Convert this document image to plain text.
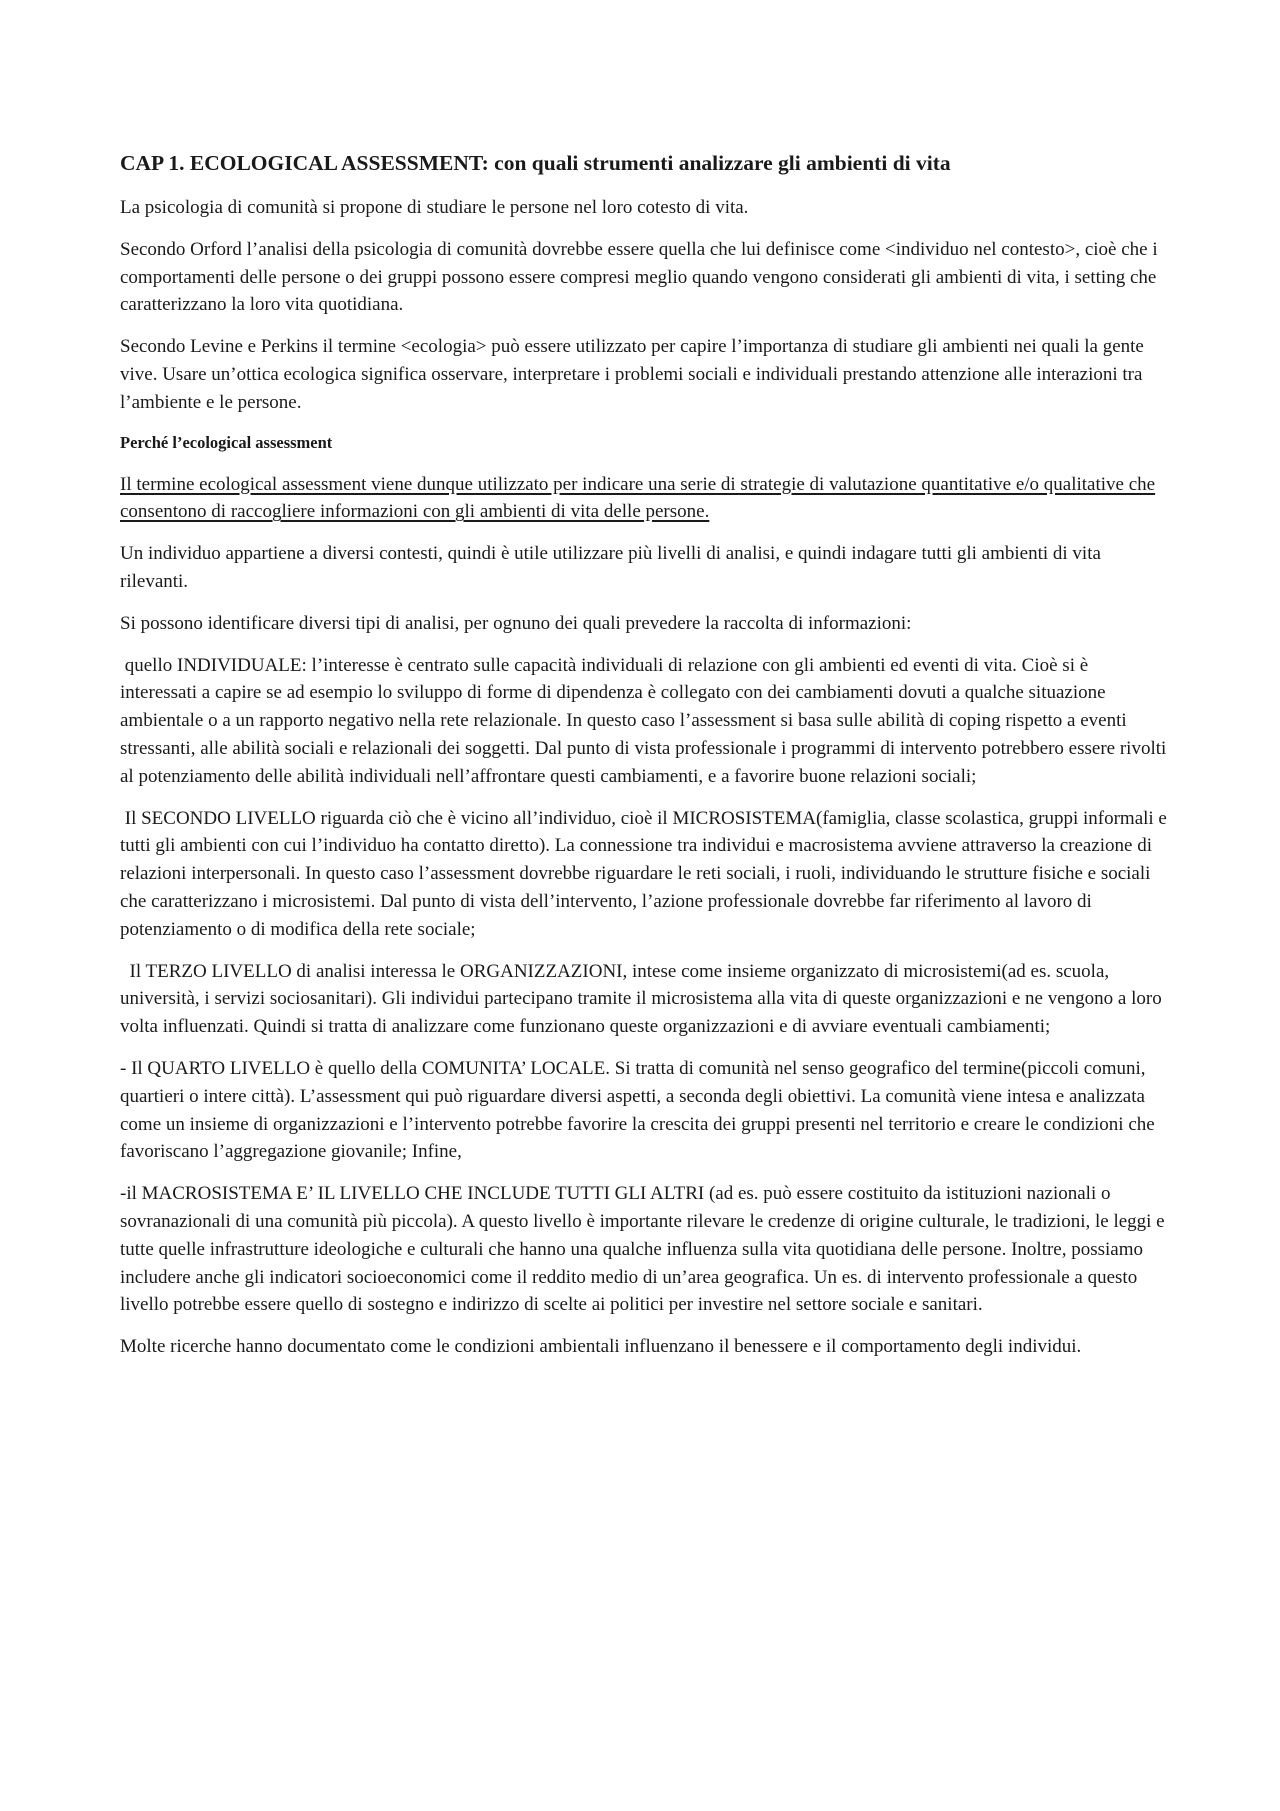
CAP 1. ECOLOGICAL ASSESSMENT: con quali strumenti analizzare gli ambienti di vita

La psicologia di comunità si propone di studiare le persone nel loro cotesto di vita.

Secondo Orford l’analisi della psicologia di comunità dovrebbe essere quella che lui definisce come <individuo nel contesto>, cioè che i comportamenti delle persone o dei gruppi possono essere compresi meglio quando vengono considerati gli ambienti di vita, i setting che caratterizzano la loro vita quotidiana.

Secondo Levine e Perkins il termine <ecologia> può essere utilizzato per capire l’importanza di studiare gli ambienti nei quali la gente vive. Usare un’ottica ecologica significa osservare, interpretare i problemi sociali e individuali prestando attenzione alle interazioni tra l’ambiente e le persone.

Perché l’ecological assessment

Il termine ecological assessment viene dunque utilizzato per indicare una serie di strategie di valutazione quantitative e/o qualitative che consentono di raccogliere informazioni con gli ambienti di vita delle persone.

Un individuo appartiene a diversi contesti, quindi è utile utilizzare più livelli di analisi, e quindi indagare tutti gli ambienti di vita rilevanti.

Si possono identificare diversi tipi di analisi, per ognuno dei quali prevedere la raccolta di informazioni:

quello INDIVIDUALE: l’interesse è centrato sulle capacità individuali di relazione con gli ambienti ed eventi di vita. Cioè si è interessati a capire se ad esempio lo sviluppo di forme di dipendenza è collegato con dei cambiamenti dovuti a qualche situazione ambientale o a un rapporto negativo nella rete relazionale. In questo caso l’assessment si basa sulle abilità di coping rispetto a eventi stressanti, alle abilità sociali e relazionali dei soggetti. Dal punto di vista professionale i programmi di intervento potrebbero essere rivolti al potenziamento delle abilità individuali nell’affrontare questi cambiamenti, e a favorire buone relazioni sociali;

Il SECONDO LIVELLO riguarda ciò che è vicino all’individuo, cioè il MICROSISTEMA(famiglia, classe scolastica, gruppi informali e tutti gli ambienti con cui l’individuo ha contatto diretto). La connessione tra individui e macrosistema avviene attraverso la creazione di relazioni interpersonali. In questo caso l’assessment dovrebbe riguardare le reti sociali, i ruoli, individuando le strutture fisiche e sociali che caratterizzano i microsistemi. Dal punto di vista dell’intervento, l’azione professionale dovrebbe far riferimento al lavoro di potenziamento o di modifica della rete sociale;

Il TERZO LIVELLO di analisi interessa le ORGANIZZAZIONI, intese come insieme organizzato di microsistemi(ad es. scuola, università, i servizi sociosanitari). Gli individui partecipano tramite il microsistema alla vita di queste organizzazioni e ne vengono a loro volta influenzati. Quindi si tratta di analizzare come funzionano queste organizzazioni e di avviare eventuali cambiamenti;

- Il QUARTO LIVELLO è quello della COMUNITA’ LOCALE. Si tratta di comunità nel senso geografico del termine(piccoli comuni, quartieri o intere città). L’assessment qui può riguardare diversi aspetti, a seconda degli obiettivi. La comunità viene intesa e analizzata come un insieme di organizzazioni e l’intervento potrebbe favorire la crescita dei gruppi presenti nel territorio e creare le condizioni che favoriscano l’aggregazione giovanile; Infine,

-il MACROSISTEMA E’ IL LIVELLO CHE INCLUDE TUTTI GLI ALTRI (ad es. può essere costituito da istituzioni nazionali o sovranazionali di una comunità più piccola). A questo livello è importante rilevare le credenze di origine culturale, le tradizioni, le leggi e tutte quelle infrastrutture ideologiche e culturali che hanno una qualche influenza sulla vita quotidiana delle persone. Inoltre, possiamo includere anche gli indicatori socioeconomici come il reddito medio di un’area geografica. Un es. di intervento professionale a questo livello potrebbe essere quello di sostegno e indirizzo di scelte ai politici per investire nel settore sociale e sanitari.

Molte ricerche hanno documentato come le condizioni ambientali influenzano il benessere e il comportamento degli individui.
